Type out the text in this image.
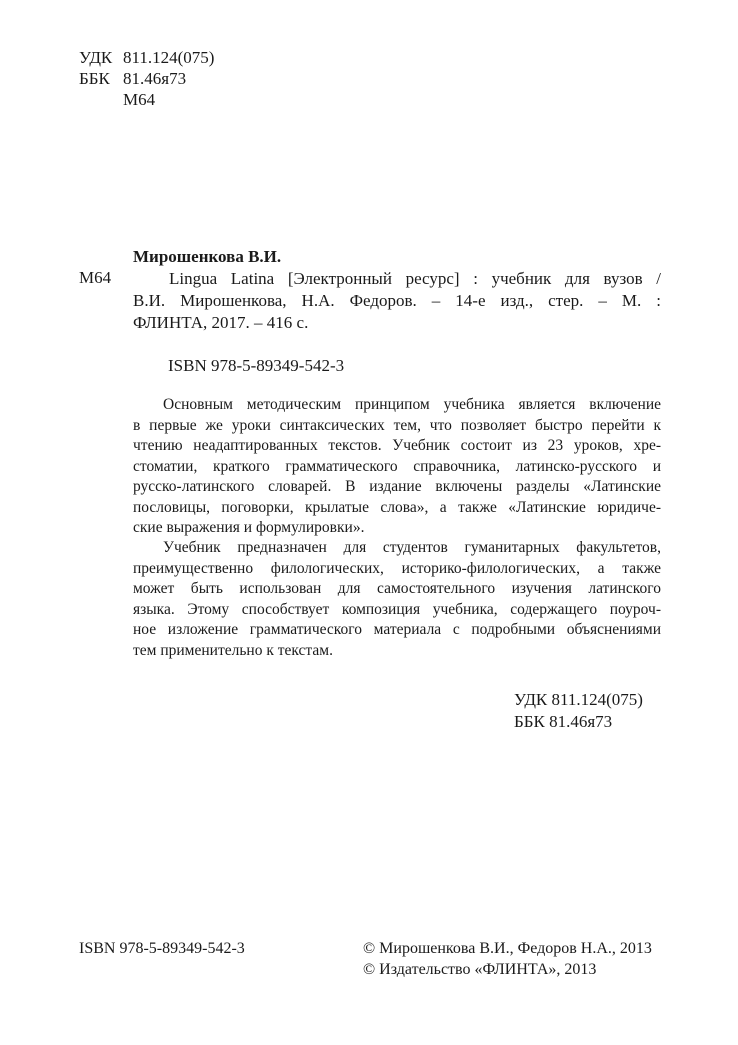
УДК 811.124(075)
ББК 81.46я73
М64
М64
Мирошенкова В.И.
Lingua Latina [Электронный ресурс] : учебник для вузов /
В.И. Мирошенкова, Н.А. Федоров. – 14-е изд., стер. – М. :
ФЛИНТА, 2017. – 416 с.
ISBN 978-5-89349-542-3
Основным методическим принципом учебника является включение
в первые же уроки синтаксических тем, что позволяет быстро перейти к
чтению неадаптированных текстов. Учебник состоит из 23 уроков, хре-
стоматии, краткого грамматического справочника, латинско-русского и
русско-латинского словарей. В издание включены разделы «Латинские
пословицы, поговорки, крылатые слова», а также «Латинские юридиче-
ские выражения и формулировки».
Учебник предназначен для студентов гуманитарных факультетов,
преимущественно филологических, историко-филологических, а также
может быть использован для самостоятельного изучения латинского
языка. Этому способствует композиция учебника, содержащего поуроч-
ное изложение грамматического материала с подробными объяснениями
тем применительно к текстам.
УДК 811.124(075)
ББК 81.46я73
ISBN 978-5-89349-542-3	© Мирошенкова В.И., Федоров Н.А., 2013
© Издательство «ФЛИНТА», 2013
